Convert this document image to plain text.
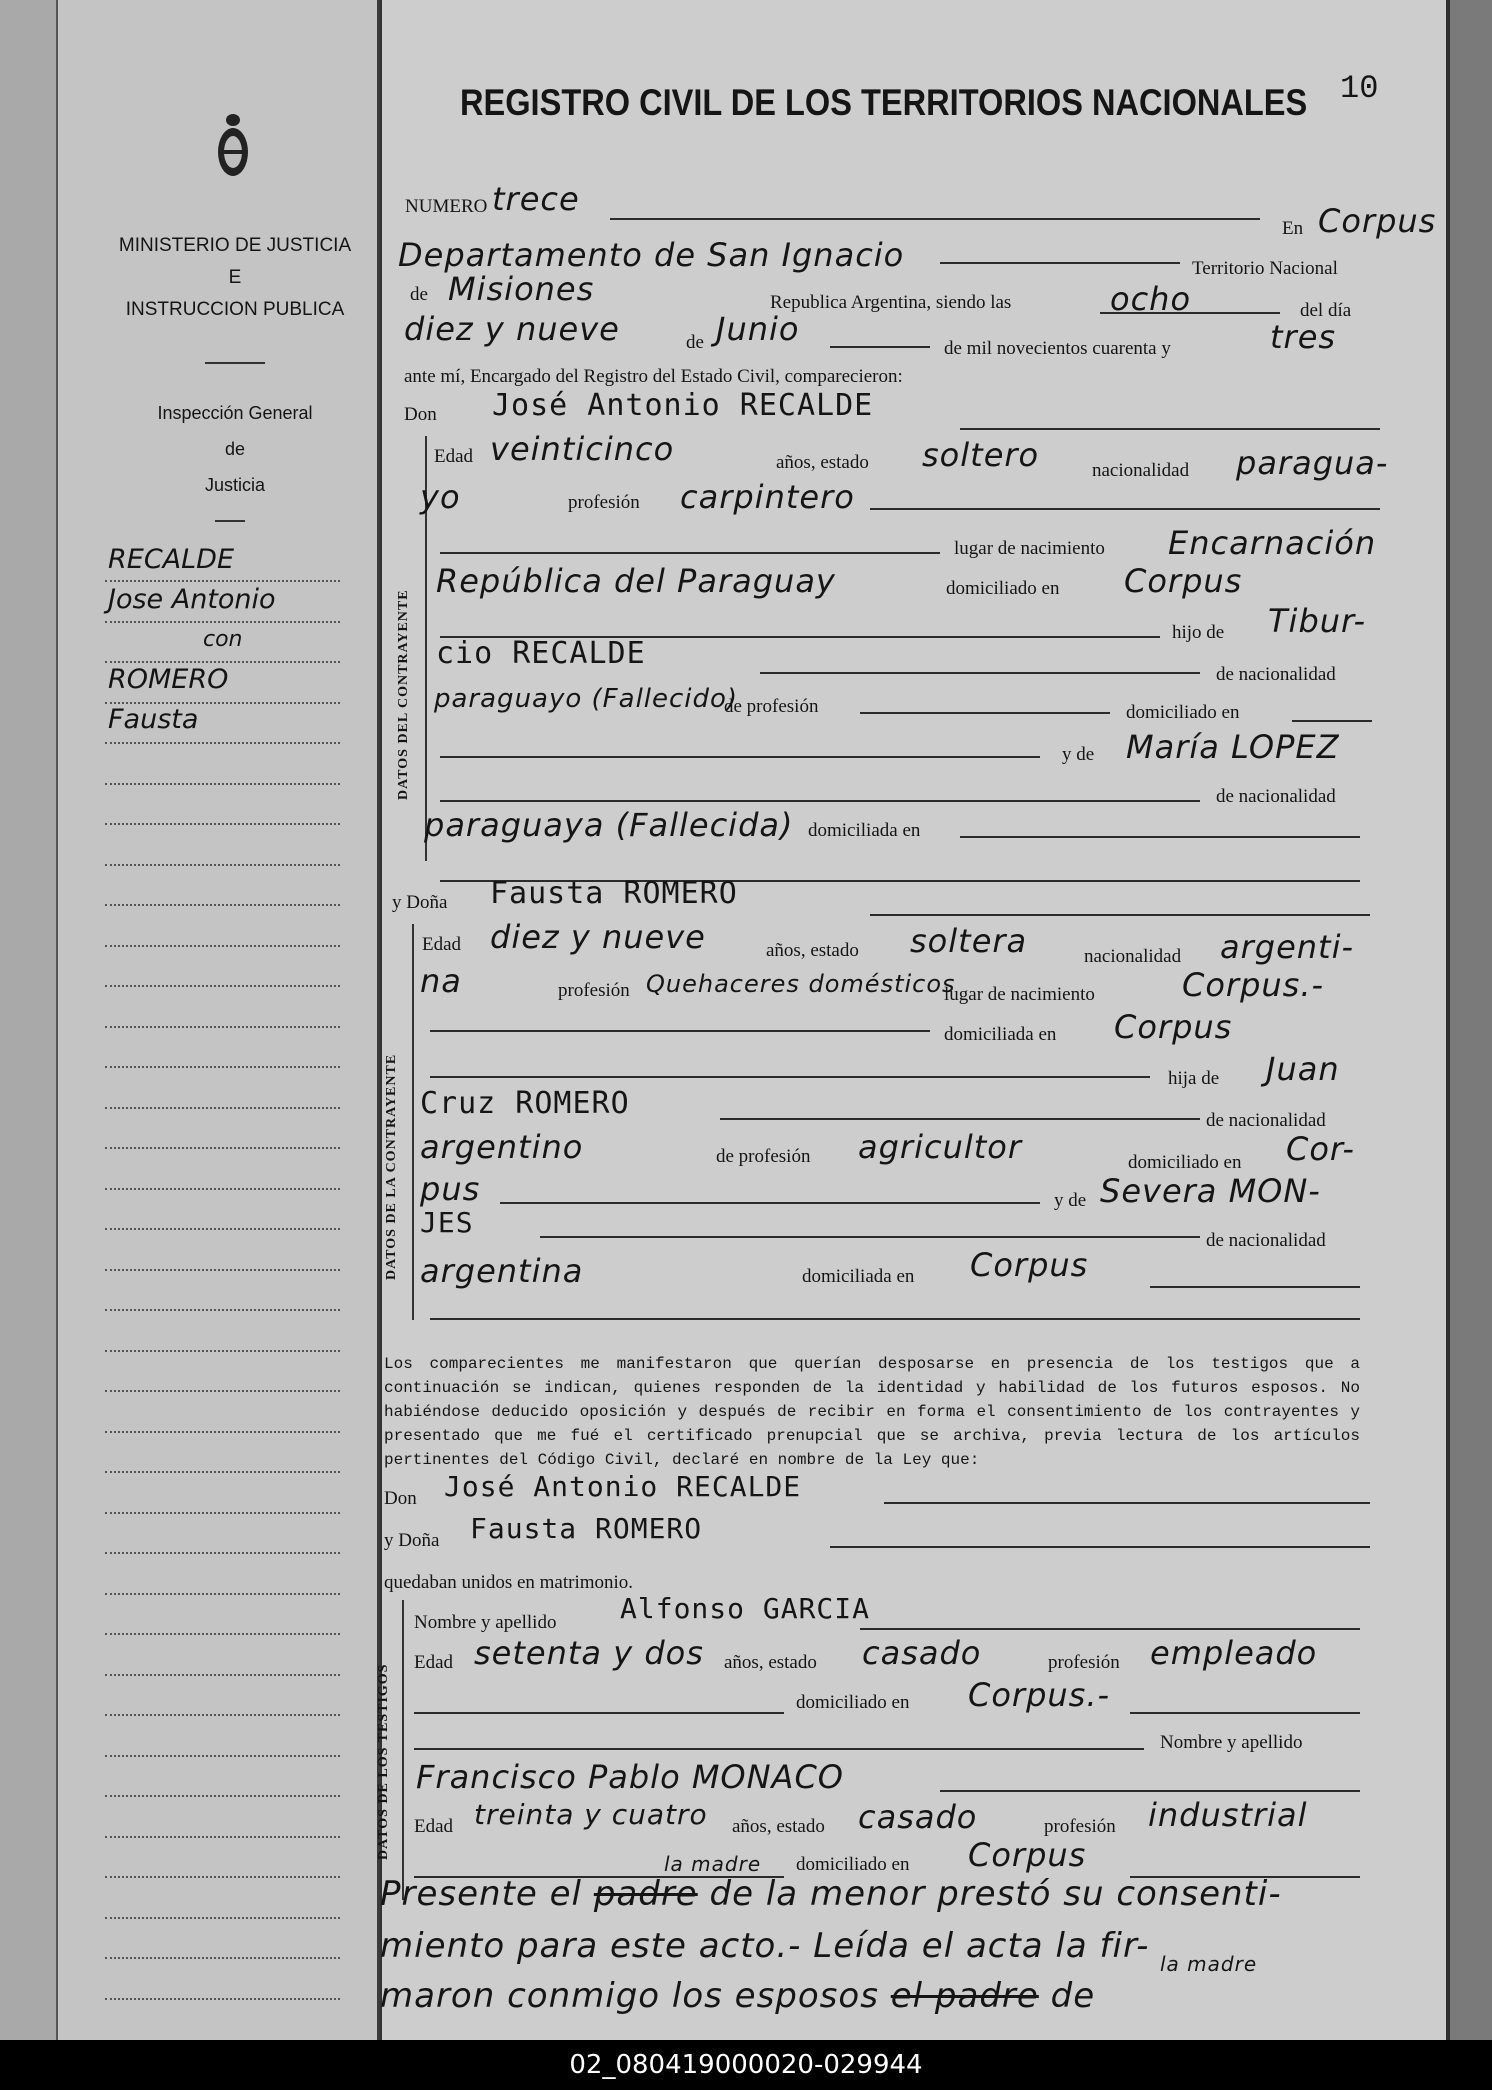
MINISTERIO DE JUSTICIA
E
INSTRUCCION PUBLICA
Inspección General
de
Justicia
RECALDE
Jose Antonio
con
ROMERO
Fausta
REGISTRO CIVIL DE LOS TERRITORIOS NACIONALES 10
NUMERO trece
En Corpus
Departamento de San Ignacio	Territorio Nacional
de Misiones	Republica Argentina, siendo las	ocho	del día
diez y nueve	de Junio
de mil novecientos cuarenta y	tres
ante mí, Encargado del Registro del Estado Civil, comparecieron:
Don José Antonio RECALDE
DATOS DEL CONTRAYENTE
Edad veinticinco	años, estado soltero	nacionalidad paragua-
yo	profesión carpintero
lugar de nacimiento Encarnación
República del Paraguay	domiciliado en Corpus
hijo de Tibur-
cio RECALDE
de nacionalidad
paraguayo (Fallecido)
de profesión	domiciliado en
y de María LOPEZ
de nacionalidad
paraguaya (Fallecida) domiciliada en
y Doña Fausta ROMERO
DATOS DE LA CONTRAYENTE
Edad diez y nueve	años, estado soltera	nacionalidad argenti-
na	profesión Quehaceres domésticos
lugar de nacimiento	Corpus.-
domiciliada en Corpus
hija de Juan
Cruz ROMERO	de nacionalidad
argentino	de profesión agricultor	domiciliado en Cor-
pus	y de Severa MON-
JES
de nacionalidad
argentina	domiciliada en Corpus
Los comparecientes me manifestaron que querían desposarse en presencia de los testigos que a continuación se indican, quienes responden de la identidad y habilidad de los futuros esposos. No habiéndose deducido oposición y después de recibir en forma el consentimiento de los contrayentes y presentado que me fué el certificado prenupcial que se archiva, previa lectura de los artículos pertinentes del Código Civil, declaré en nombre de la Ley que:
Don José Antonio RECALDE
y Doña Fausta ROMERO
quedaban unidos en matrimonio.
DATOS DE LOS TESTIGOS
Nombre y apellido Alfonso GARCIA
Edad setenta y dos años, estado casado	profesión empleado
domiciliado en Corpus.-
Nombre y apellido
Francisco Pablo MONACO
Edad treinta y cuatro años, estado casado	profesión industrial
domiciliado en Corpus
la madre
Presente el padre de la menor prestó su consenti-
miento para este acto.- Leída el acta la fir- la madre
maron conmigo los esposos el padre de
02_080419000020-029944
